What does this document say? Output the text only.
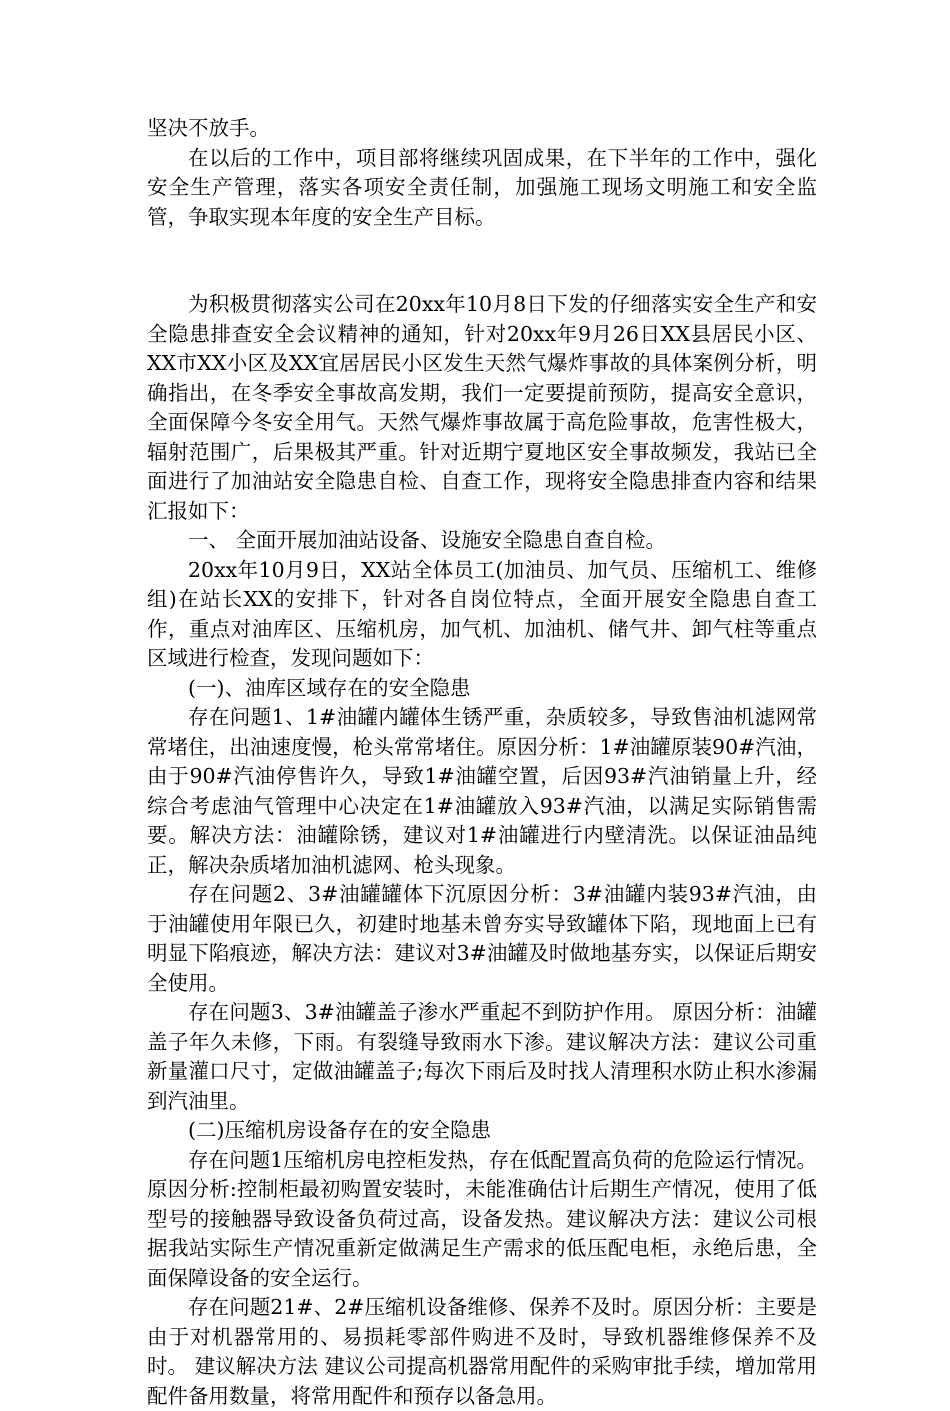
坚决不放手。

在以后的工作中，项目部将继续巩固成果，在下半年的工作中，强化安全生产管理，落实各项安全责任制，加强施工现场文明施工和安全监管，争取实现本年度的安全生产目标。

为积极贯彻落实公司在20xx年10月8日下发的仔细落实安全生产和安全隐患排查安全会议精神的通知，针对20xx年9月26日XX县居民小区、XX市XX小区及XX宜居居民小区发生天然气爆炸事故的具体案例分析，明确指出，在冬季安全事故高发期，我们一定要提前预防，提高安全意识，全面保障今冬安全用气。天然气爆炸事故属于高危险事故，危害性极大，辐射范围广，后果极其严重。针对近期宁夏地区安全事故频发，我站已全面进行了加油站安全隐患自检、自查工作，现将安全隐患排查内容和结果汇报如下：

一、 全面开展加油站设备、设施安全隐患自查自检。

20xx年10月9日，XX站全体员工(加油员、加气员、压缩机工、维修组)在站长XX的安排下，针对各自岗位特点，全面开展安全隐患自查工作，重点对油库区、压缩机房，加气机、加油机、储气井、卸气柱等重点区域进行检查，发现问题如下：

(一)、油库区域存在的安全隐患

存在问题1、1#油罐内罐体生锈严重，杂质较多，导致售油机滤网常常堵住，出油速度慢，枪头常常堵住。原因分析：1#油罐原装90#汽油，由于90#汽油停售许久，导致1#油罐空置，后因93#汽油销量上升，经综合考虑油气管理中心决定在1#油罐放入93#汽油，以满足实际销售需要。解决方法：油罐除锈，建议对1#油罐进行内壁清洗。以保证油品纯正，解决杂质堵加油机滤网、枪头现象。

存在问题2、3#油罐罐体下沉原因分析：3#油罐内装93#汽油，由于油罐使用年限已久，初建时地基未曾夯实导致罐体下陷，现地面上已有明显下陷痕迹，解决方法：建议对3#油罐及时做地基夯实，以保证后期安全使用。

存在问题3、3#油罐盖子渗水严重起不到防护作用。 原因分析：油罐盖子年久未修，下雨。有裂缝导致雨水下渗。建议解决方法：建议公司重新量灌口尺寸，定做油罐盖子;每次下雨后及时找人清理积水防止积水渗漏到汽油里。

(二)压缩机房设备存在的安全隐患

存在问题1压缩机房电控柜发热，存在低配置高负荷的危险运行情况。 原因分析:控制柜最初购置安装时，未能准确估计后期生产情况，使用了低型号的接触器导致设备负荷过高，设备发热。建议解决方法：建议公司根据我站实际生产情况重新定做满足生产需求的低压配电柜，永绝后患，全面保障设备的安全运行。

存在问题21#、2#压缩机设备维修、保养不及时。原因分析：主要是由于对机器常用的、易损耗零部件购进不及时，导致机器维修保养不及时。 建议解决方法 建议公司提高机器常用配件的采购审批手续，增加常用配件备用数量，将常用配件和预存以备急用。
